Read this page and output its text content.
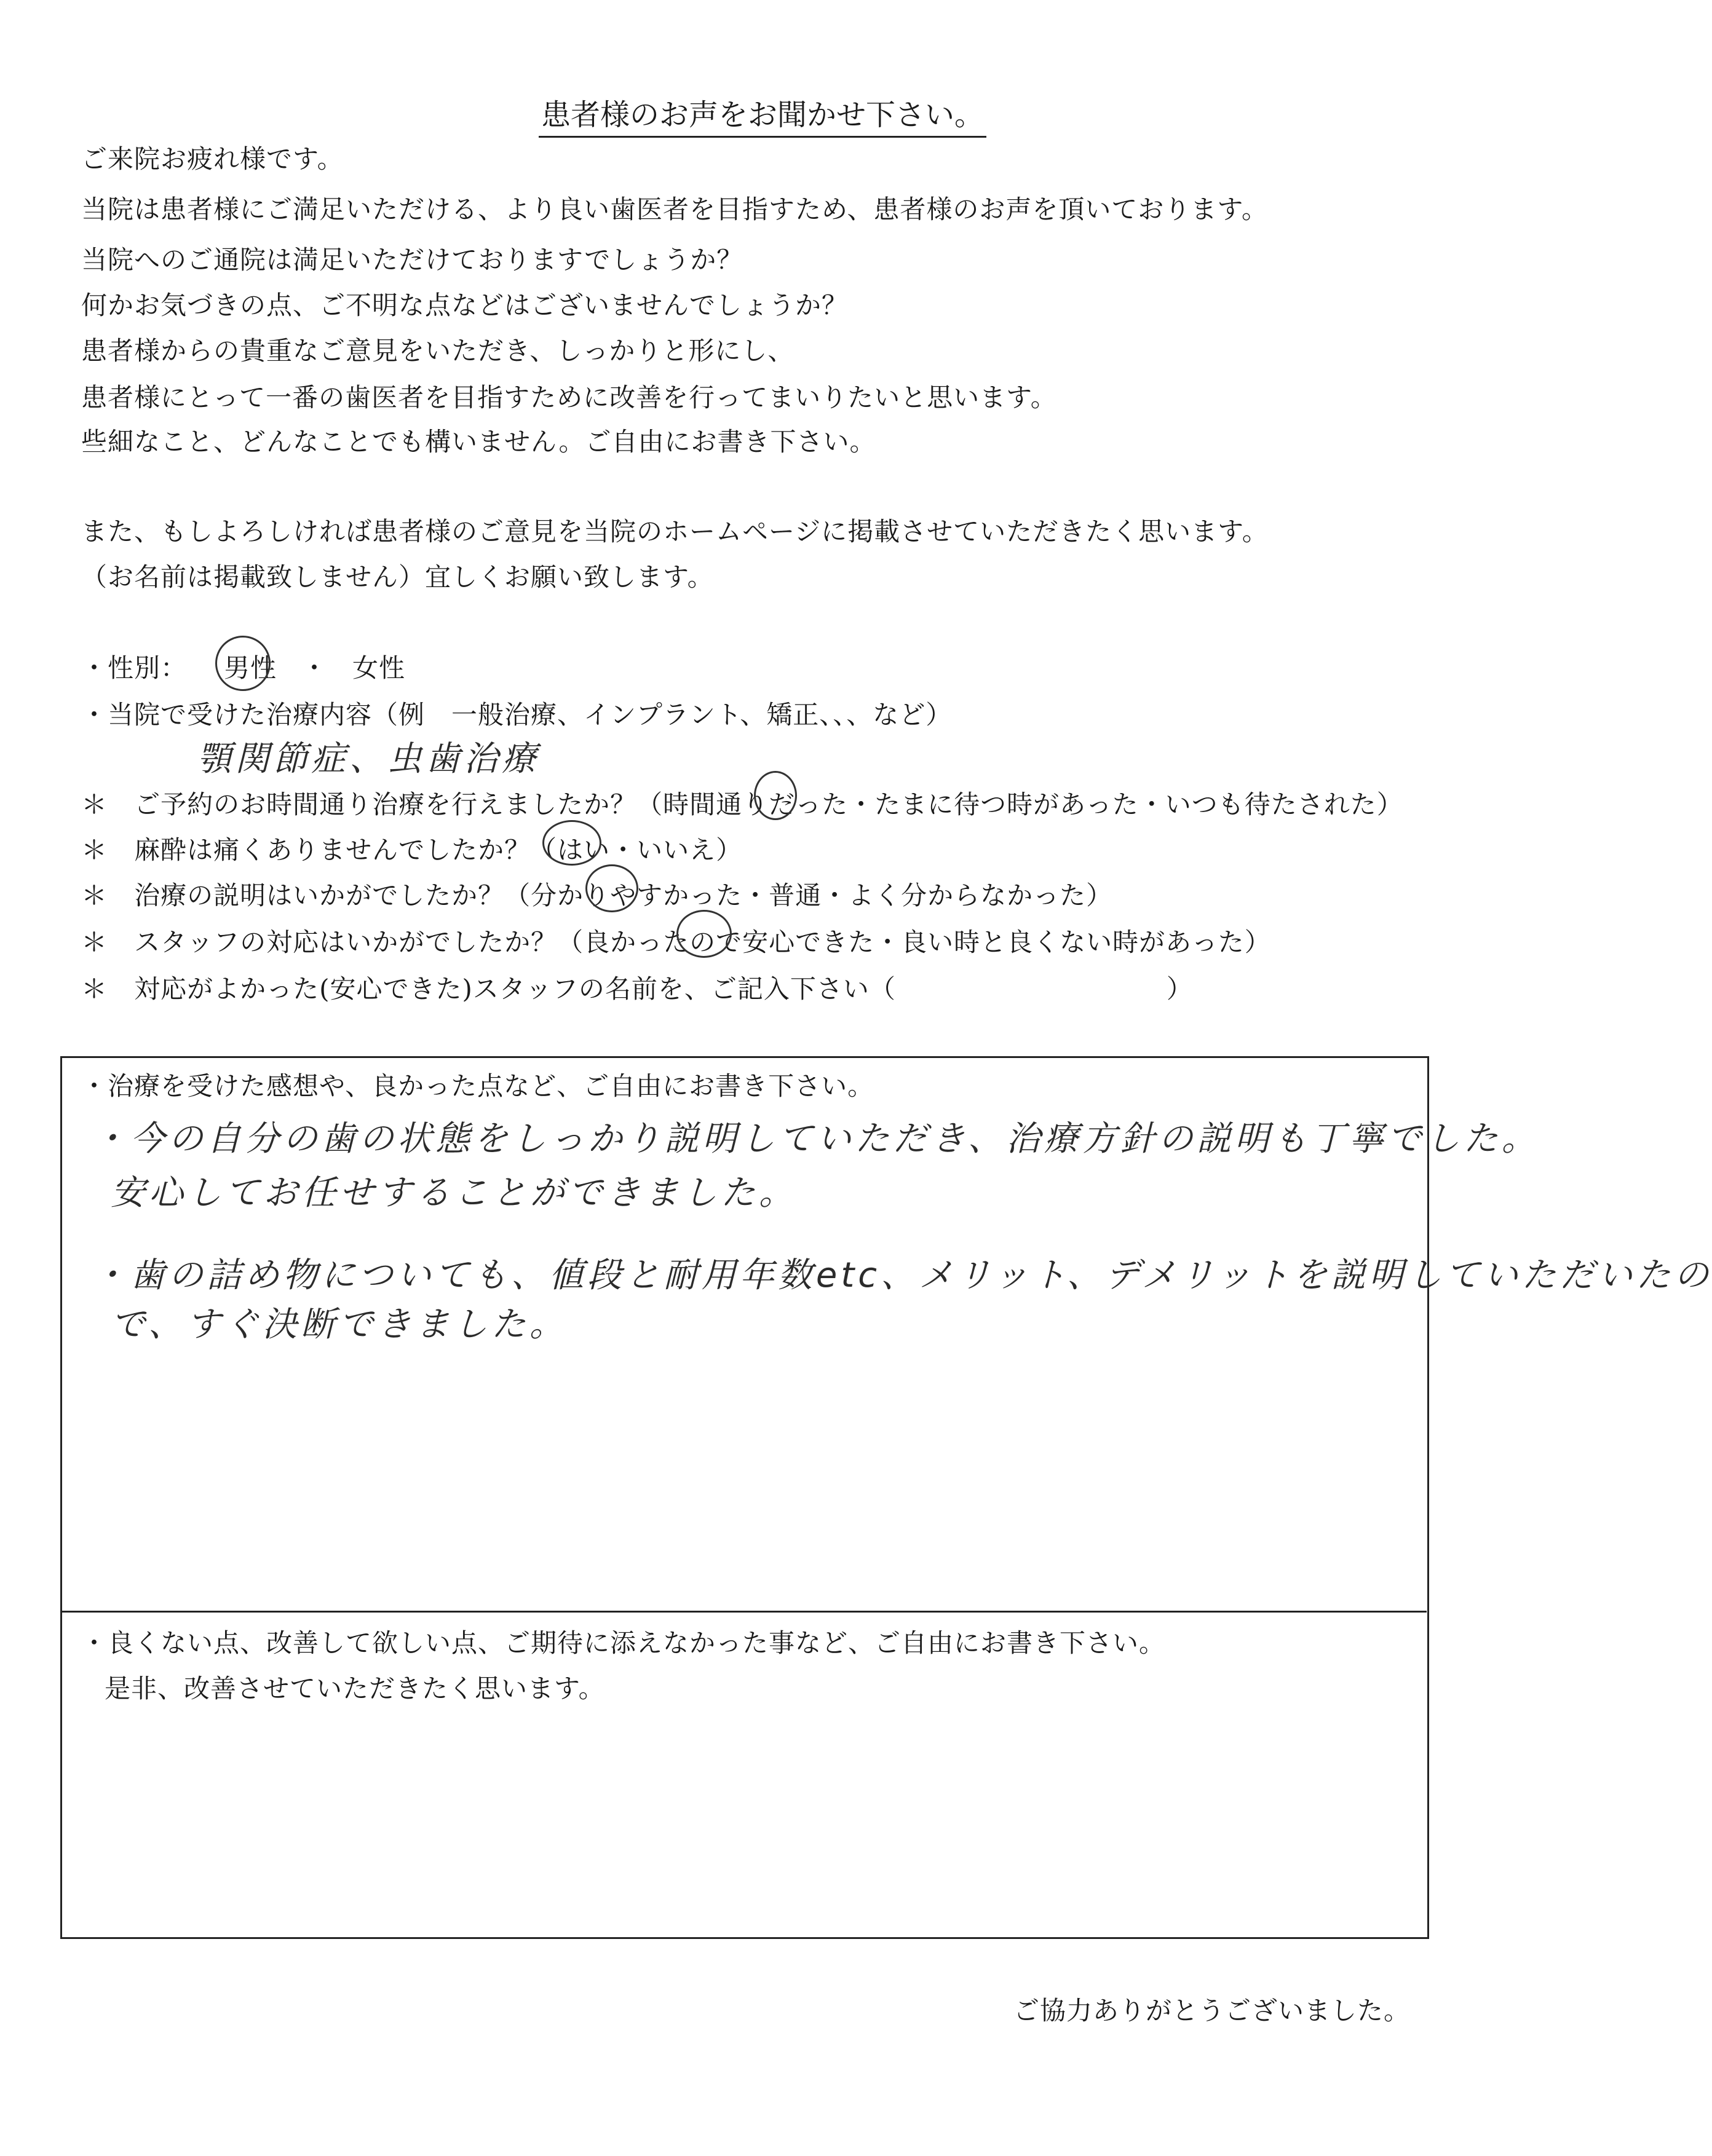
患者様のお声をお聞かせ下さい。
ご来院お疲れ様です。
当院は患者様にご満足いただける、より良い歯医者を目指すため、患者様のお声を頂いております。
当院へのご通院は満足いただけておりますでしょうか？
何かお気づきの点、ご不明な点などはございませんでしょうか？
患者様からの貴重なご意見をいただき、しっかりと形にし、
患者様にとって一番の歯医者を目指すために改善を行ってまいりたいと思います。
些細なこと、どんなことでも構いません。ご自由にお書き下さい。
また、もしよろしければ患者様のご意見を当院のホームページに掲載させていただきたく思います。
（お名前は掲載致しません）宜しくお願い致します。
・性別： 男性 ・ 女性
・当院で受けた治療内容（例　一般治療、インプラント、矯正、、、など）
顎関節症、虫歯治療
＊ ご予約のお時間通り治療を行えましたか？（時間通りだった・たまに待つ時があった・いつも待たされた）
＊ 麻酔は痛くありませんでしたか？（はい・いいえ）
＊ 治療の説明はいかがでしたか？（分かりやすかった・普通・よく分からなかった）
＊ スタッフの対応はいかがでしたか？（良かったので安心できた・良い時と良くない時があった）
＊ 対応がよかった(安心できた)スタッフの名前を、ご記入下さい（	）
・治療を受けた感想や、良かった点など、ご自由にお書き下さい。
・今の自分の歯の状態をしっかり説明していただき、治療方針の説明も丁寧でした。
安心してお任せすることができました。
・歯の詰め物についても、値段と耐用年数etc、メリット、デメリットを説明していただいたの
で、すぐ決断できました。
・良くない点、改善して欲しい点、ご期待に添えなかった事など、ご自由にお書き下さい。
是非、改善させていただきたく思います。
ご協力ありがとうございました。
